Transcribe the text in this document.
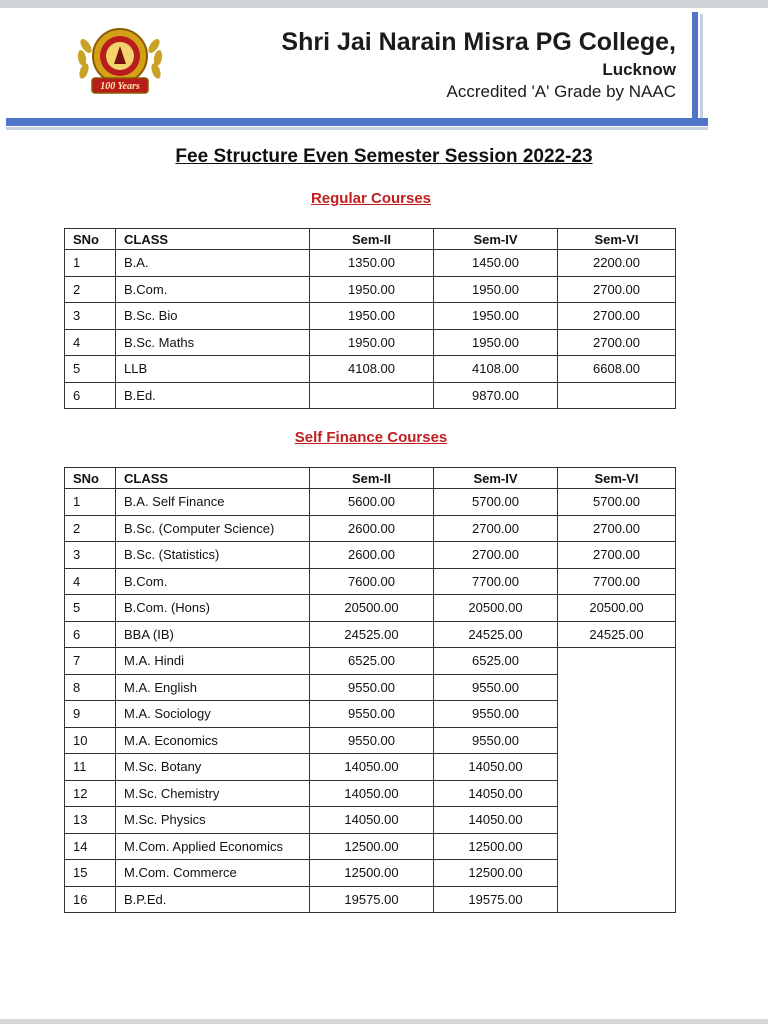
100 Years
Shri Jai Narain Misra PG College,
Lucknow
Accredited 'A' Grade by NAAC
Fee Structure Even Semester Session 2022-23
Regular Courses
SNo	CLASS	Sem-II	Sem-IV	Sem-VI
1	B.A.	1350.00	1450.00	2200.00
2	B.Com.	1950.00	1950.00	2700.00
3	B.Sc. Bio	1950.00	1950.00	2700.00
4	B.Sc. Maths	1950.00	1950.00	2700.00
5	LLB	4108.00	4108.00	6608.00
6	B.Ed.		9870.00	
Self Finance Courses
SNo	CLASS	Sem-II	Sem-IV	Sem-VI
1	B.A. Self Finance	5600.00	5700.00	5700.00
2	B.Sc. (Computer Science)	2600.00	2700.00	2700.00
3	B.Sc. (Statistics)	2600.00	2700.00	2700.00
4	B.Com.	7600.00	7700.00	7700.00
5	B.Com. (Hons)	20500.00	20500.00	20500.00
6	BBA (IB)	24525.00	24525.00	24525.00
7	M.A. Hindi	6525.00	6525.00	
8	M.A. English	9550.00	9550.00	
9	M.A. Sociology	9550.00	9550.00	
10	M.A. Economics	9550.00	9550.00	
11	M.Sc. Botany	14050.00	14050.00	
12	M.Sc. Chemistry	14050.00	14050.00	
13	M.Sc. Physics	14050.00	14050.00	
14	M.Com. Applied Economics	12500.00	12500.00	
15	M.Com. Commerce	12500.00	12500.00	
16	B.P.Ed.	19575.00	19575.00	
